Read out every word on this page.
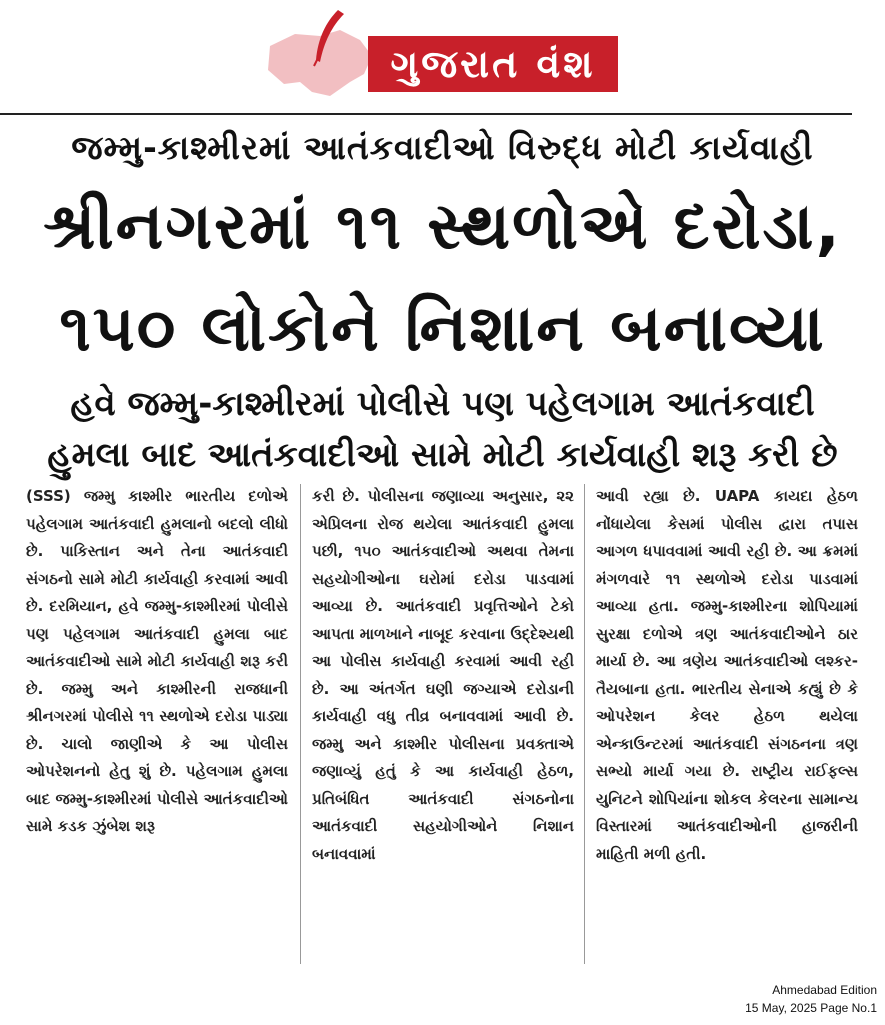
ગુજરાત વંશ
જમ્મુ-કાશ્મીરમાં આતંકવાદીઓ વિરુદ્ધ મોટી કાર્યવાહી
શ્રીનગરમાં ૧૧ સ્થળોએ દરોડા,
૧૫૦ લોકોને નિશાન બનાવ્યા
હવે જમ્મુ-કાશ્મીરમાં પોલીસે પણ પહેલગામ આતંકવાદી
હુમલા બાદ આતંકવાદીઓ સામે મોટી કાર્યવાહી શરૂ કરી છે
(SSS) જમ્મુ કાશ્મીર ભારતીય દળોએ પહેલગામ આતંકવાદી હુમલાનો બદલો લીધો છે. પાકિસ્તાન અને તેના આતંકવાદી સંગઠનો સામે મોટી કાર્યવાહી કરવામાં આવી છે. દરમિયાન, હવે જમ્મુ-કાશ્મીરમાં પોલીસે પણ પહેલગામ આતંકવાદી હુમલા બાદ આતંકવાદીઓ સામે મોટી કાર્યવાહી શરૂ કરી છે. જમ્મુ અને કાશ્મીરની રાજધાની શ્રીનગરમાં પોલીસે ૧૧ સ્થળોએ દરોડા પાડ્યા છે. ચાલો જાણીએ કે આ પોલીસ ઓપરેશનનો હેતુ શું છે. પહેલગામ હુમલા બાદ જમ્મુ-કાશ્મીરમાં પોલીસે આતંકવાદીઓ સામે કડક ઝુંબેશ શરૂ
કરી છે. પોલીસના જણાવ્યા અનુસાર, ૨૨ એપ્રિલના રોજ થયેલા આતંકવાદી હુમલા પછી, ૧૫૦ આતંકવાદીઓ અથવા તેમના સહયોગીઓના ઘરોમાં દરોડા પાડવામાં આવ્યા છે. આતંકવાદી પ્રવૃત્તિઓને ટેકો આપતા માળખાને નાબૂદ કરવાના ઉદ્દેશ્યથી આ પોલીસ કાર્યવાહી કરવામાં આવી રહી છે. આ અંતર્ગત ઘણી જગ્યાએ દરોડાની કાર્યવાહી વધુ તીવ્ર બનાવવામાં આવી છે. જમ્મુ અને કાશ્મીર પોલીસના પ્રવક્તાએ જણાવ્યું હતું કે આ કાર્યવાહી હેઠળ, પ્રતિબંધિત આતંકવાદી સંગઠનોના આતંકવાદી સહયોગીઓને નિશાન બનાવવામાં
આવી રહ્યા છે. UAPA કાયદા હેઠળ નોંધાયેલા કેસમાં પોલીસ દ્વારા તપાસ આગળ ધપાવવામાં આવી રહી છે. આ ક્રમમાં મંગળવારે ૧૧ સ્થળોએ દરોડા પાડવામાં આવ્યા હતા. જમ્મુ-કાશ્મીરના શોપિયામાં સુરક્ષા દળોએ ત્રણ આતંકવાદીઓને ઠાર માર્યા છે. આ ત્રણેય આતંકવાદીઓ લશ્કર-તૈયબાના હતા. ભારતીય સેનાએ કહ્યું છે કે ઓપરેશન કેલર હેઠળ થયેલા એન્કાઉન્ટરમાં આતંકવાદી સંગઠનના ત્રણ સભ્યો માર્યા ગયા છે. રાષ્ટ્રીય રાઈફલ્સ યુનિટને શોપિયાંના શોકલ કેલરના સામાન્ય વિસ્તારમાં આતંકવાદીઓની હાજરીની માહિતી મળી હતી.
Ahmedabad Edition
15 May, 2025 Page No.1
